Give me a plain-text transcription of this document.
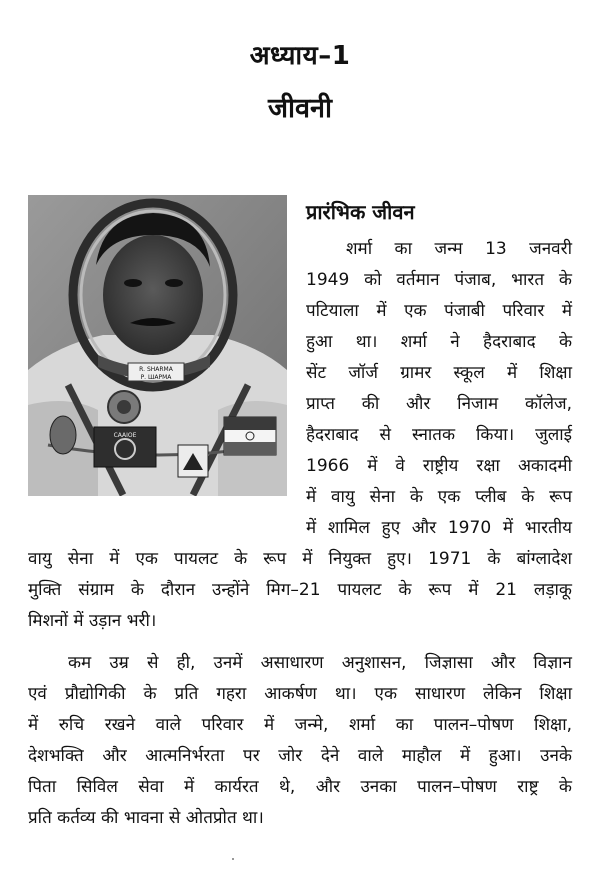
अध्याय–1
जीवनी
R. SHARMA
Р. ШАРМА
CAAIOE
प्रारंभिक जीवन
शर्मा का जन्म 13 जनवरी
1949 को वर्तमान पंजाब, भारत के
पटियाला में एक पंजाबी परिवार में
हुआ था। शर्मा ने हैदराबाद के
सेंट जॉर्ज ग्रामर स्कूल में शिक्षा
प्राप्त की और निजाम कॉलेज,
हैदराबाद से स्नातक किया। जुलाई
1966 में वे राष्ट्रीय रक्षा अकादमी
में वायु सेना के एक प्लीब के रूप
में शामिल हुए और 1970 में भारतीय
वायु सेना में एक पायलट के रूप में नियुक्त हुए। 1971 के बांग्लादेश
मुक्ति संग्राम के दौरान उन्होंने मिग–21 पायलट के रूप में 21 लड़ाकू
मिशनों में उड़ान भरी।
कम उम्र से ही, उनमें असाधारण अनुशासन, जिज्ञासा और विज्ञान
एवं प्रौद्योगिकी के प्रति गहरा आकर्षण था। एक साधारण लेकिन शिक्षा
में रुचि रखने वाले परिवार में जन्मे, शर्मा का पालन–पोषण शिक्षा,
देशभक्ति और आत्मनिर्भरता पर जोर देने वाले माहौल में हुआ। उनके
पिता सिविल सेवा में कार्यरत थे, और उनका पालन–पोषण राष्ट्र के
प्रति कर्तव्य की भावना से ओतप्रोत था।
